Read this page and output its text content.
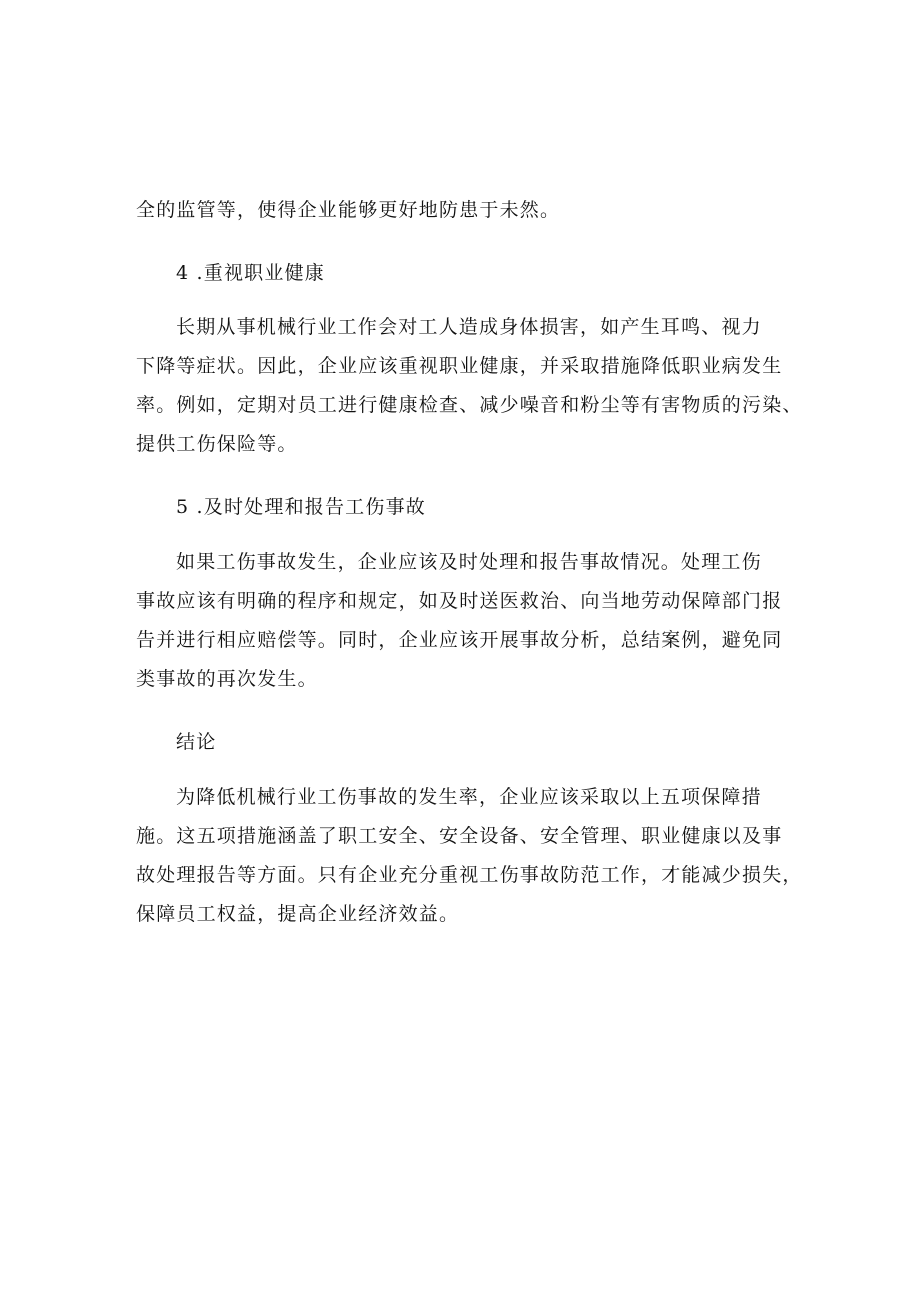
全的监管等，使得企业能够更好地防患于未然。
4 .重视职业健康
长期从事机械行业工作会对工人造成身体损害，如产生耳鸣、视力
下降等症状。因此，企业应该重视职业健康，并采取措施降低职业病发生
率。例如，定期对员工进行健康检查、减少噪音和粉尘等有害物质的污染、
提供工伤保险等。
5 .及时处理和报告工伤事故
如果工伤事故发生，企业应该及时处理和报告事故情况。处理工伤
事故应该有明确的程序和规定，如及时送医救治、向当地劳动保障部门报
告并进行相应赔偿等。同时，企业应该开展事故分析，总结案例，避免同
类事故的再次发生。
结论
为降低机械行业工伤事故的发生率，企业应该采取以上五项保障措
施。这五项措施涵盖了职工安全、安全设备、安全管理、职业健康以及事
故处理报告等方面。只有企业充分重视工伤事故防范工作，才能减少损失，
保障员工权益，提高企业经济效益。
